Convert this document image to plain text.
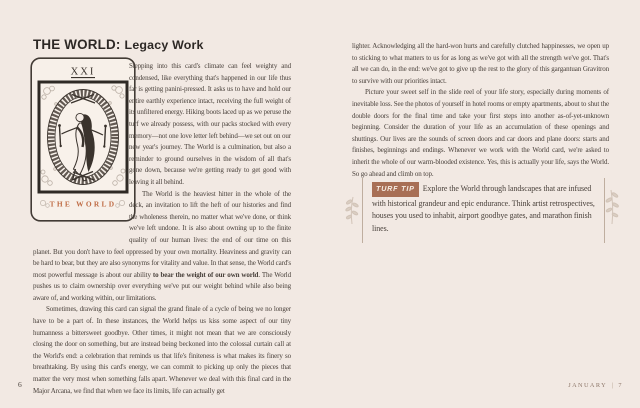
THE WORLD: Legacy Work
XXI
THE WORLD

Stepping into this card's climate can feel weighty and condensed, like everything that's happened in our life thus far is getting panini-pressed. It asks us to have and hold our entire earthly experience intact, receiving the full weight of its unfiltered energy. Hiking boots laced up as we peruse the turf we already possess, with our packs stocked with every memory—not one love letter left behind—we set out on our new year's journey. The World is a culmination, but also a reminder to ground ourselves in the wisdom of all that's gone down, because we're getting ready to get good with leaving it all behind.

The World is the heaviest hitter in the whole of the deck, an invitation to lift the heft of our histories and find the wholeness therein, no matter what we've done, or think we've left undone. It is also about owning up to the finite quality of our human lives: the end of our time on this planet. But you don't have to feel oppressed by your own mortality. Heaviness and gravity can be hard to bear, but they are also synonyms for vitality and value. In that sense, the World card's most powerful message is about our ability to bear the weight of our own world. The World pushes us to claim ownership over everything we've put our weight behind while also being aware of, and working within, our limitations.

Sometimes, drawing this card can signal the grand finale of a cycle of being we no longer have to be a part of. In these instances, the World helps us kiss some aspect of our tiny humanness a bittersweet goodbye. Other times, it might not mean that we are consciously closing the door on something, but are instead being beckoned into the colossal curtain call at the World's end: a celebration that reminds us that life's finiteness is what makes its finery so breathtaking. By using this card's energy, we can commit to picking up only the pieces that matter the very most when something falls apart. Whenever we deal with this final card in the Major Arcana, we find that when we face its limits, life can actually get

6

lighter. Acknowledging all the hard-won hurts and carefully clutched happinesses, we open up to sticking to what matters to us for as long as we've got with all the strength we've got. That's all we can do, in the end: we've got to give up the rest to the glory of this gargantuan Gravitron to survive with our priorities intact.

Picture your sweet self in the slide reel of your life story, especially during moments of inevitable loss. See the photos of yourself in hotel rooms or empty apartments, about to shut the double doors for the final time and take your first steps into another as-of-yet-unknown beginning. Consider the duration of your life as an accumulation of these openings and shuttings. Our lives are the sounds of screen doors and car doors and plane doors: starts and finishes, beginnings and endings. Whenever we work with the World card, we're asked to inherit the whole of our warm-blooded existence. Yes, this is actually your life, says the World. So go ahead and climb on top.

TURF TIP Explore the World through landscapes that are infused with historical grandeur and epic endurance. Think artist retrospectives, houses you used to inhabit, airport goodbye gates, and marathon finish lines.

JANUARY | 7
